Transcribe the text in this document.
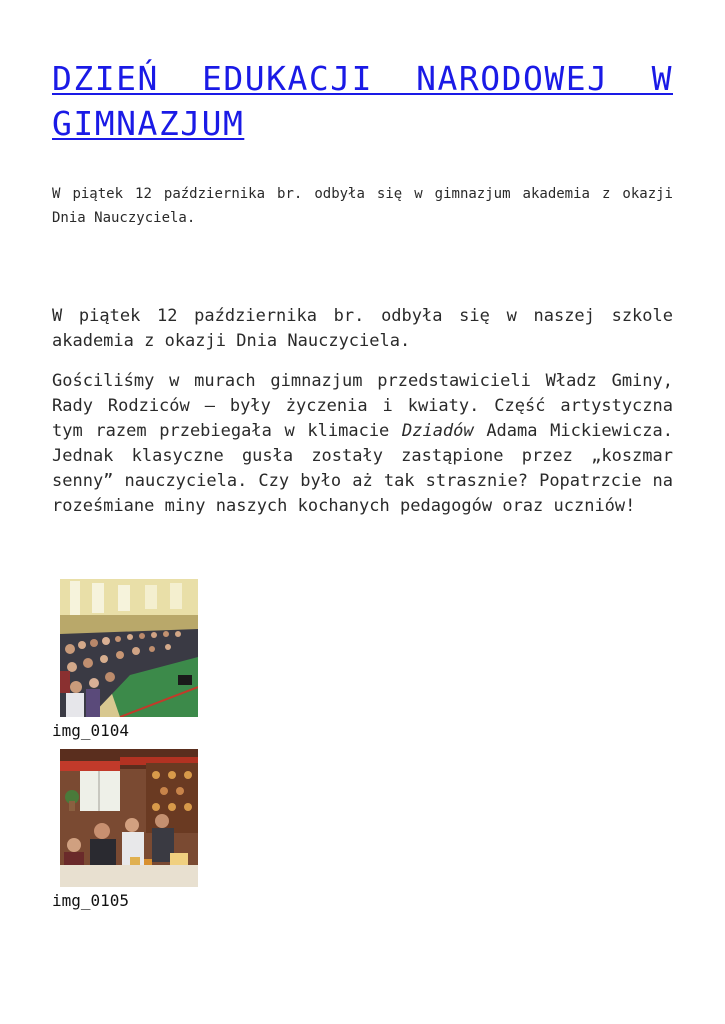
DZIEŃ EDUKACJI NARODOWEJ W GIMNAZJUM

W piątek 12 października br. odbyła się w gimnazjum akademia z okazji Dnia Nauczyciela.

W piątek 12 października br. odbyła się w naszej szkole akademia z okazji Dnia Nauczyciela.

Gościliśmy w murach gimnazjum przedstawicieli Władz Gminy, Rady Rodziców – były życzenia i kwiaty. Część artystyczna tym razem przebiegała w klimacie Dziadów Adama Mickiewicza. Jednak klasyczne gusła zostały zastąpione przez „koszmar senny” nauczyciela. Czy było aż tak strasznie? Popatrzcie na roześmiane miny naszych kochanych pedagogów oraz uczniów!

img_0104
img_0105
